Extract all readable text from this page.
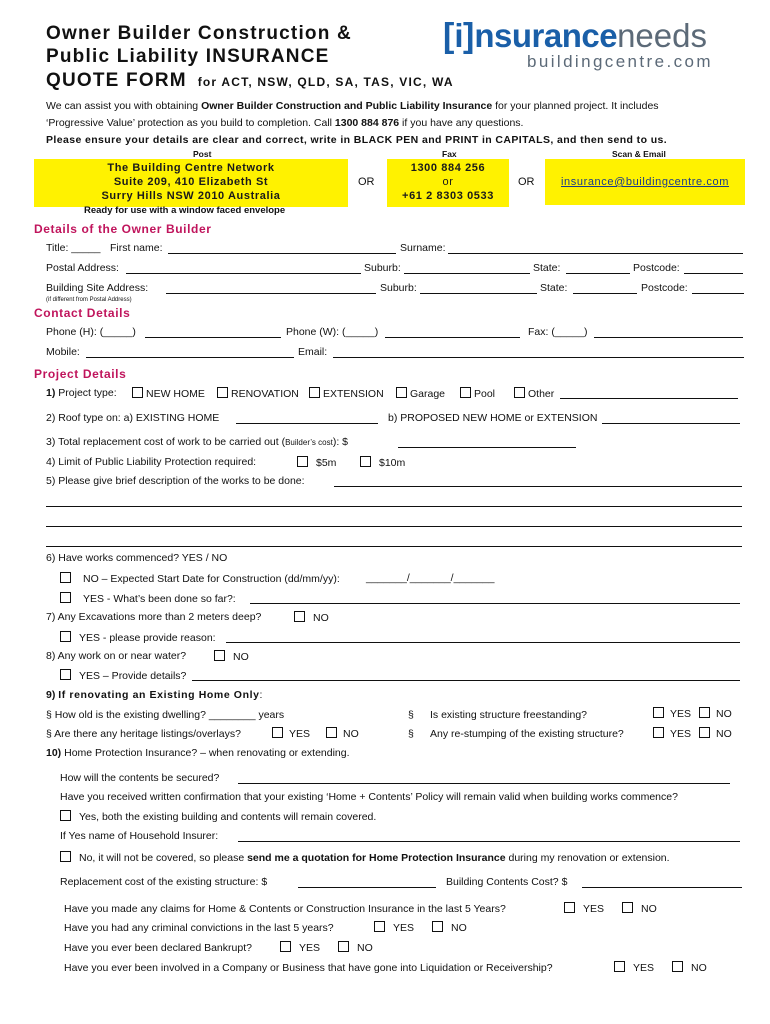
Owner Builder Construction &
Public Liability INSURANCE
QUOTE FORM for ACT, NSW, QLD, SA, TAS, VIC, WA
[i]nsuranceneeds
buildingcentre.com
We can assist you with obtaining Owner Builder Construction and Public Liability Insurance for your planned project. It includes
‘Progressive Value’ protection as you build to completion. Call 1300 884 876 if you have any questions.
Please ensure your details are clear and correct, write in BLACK PEN and PRINT in CAPITALS, and then send to us.
Post	Fax	Scan & Email
The Building Centre Network
Suite 209, 410 Elizabeth St
Surry Hills NSW 2010 Australia
OR
1300 884 256
or
+61 2 8303 0533
OR	insurance@buildingcentre.com
Ready for use with a window faced envelope
Details of the Owner Builder
Title: _____ First name:	Surname:
Postal Address:	Suburb:	State:	Postcode:
Building Site Address:	Suburb:	State:	Postcode:
(if different from Postal Address)
Contact Details
Phone (H): (_____)	Phone (W): (_____)	Fax: (_____)
Mobile:	Email:
Project Details
1) Project type:	NEW HOME	RENOVATION	EXTENSION	Garage	Pool	Other
2) Roof type on: a) EXISTING HOME	b) PROPOSED NEW HOME or EXTENSION
3) Total replacement cost of work to be carried out (Builder’s cost): $
4) Limit of Public Liability Protection required:	$5m	$10m
5) Please give brief description of the works to be done:
6) Have works commenced? YES / NO
NO – Expected Start Date for Construction (dd/mm/yy): _______/_______/_______
YES - What’s been done so far?:
7) Any Excavations more than 2 meters deep?	NO
YES - please provide reason:
8) Any work on or near water?	NO
YES – Provide details?
9) If renovating an Existing Home Only:
§ How old is the existing dwelling? ________ years	§ Is existing structure freestanding?	YES	NO
§ Are there any heritage listings/overlays?	YES	NO	§ Any re-stumping of the existing structure?	YES	NO
10) Home Protection Insurance? – when renovating or extending.
How will the contents be secured?
Have you received written confirmation that your existing ‘Home + Contents’ Policy will remain valid when building works commence?
Yes, both the existing building and contents will remain covered.
If Yes name of Household Insurer:
No, it will not be covered, so please send me a quotation for Home Protection Insurance during my renovation or extension.
Replacement cost of the existing structure: $	Building Contents Cost? $
Have you made any claims for Home & Contents or Construction Insurance in the last 5 Years?	YES	NO
Have you had any criminal convictions in the last 5 years?	YES	NO
Have you ever been declared Bankrupt?	YES	NO
Have you ever been involved in a Company or Business that have gone into Liquidation or Receivership?	YES	NO
